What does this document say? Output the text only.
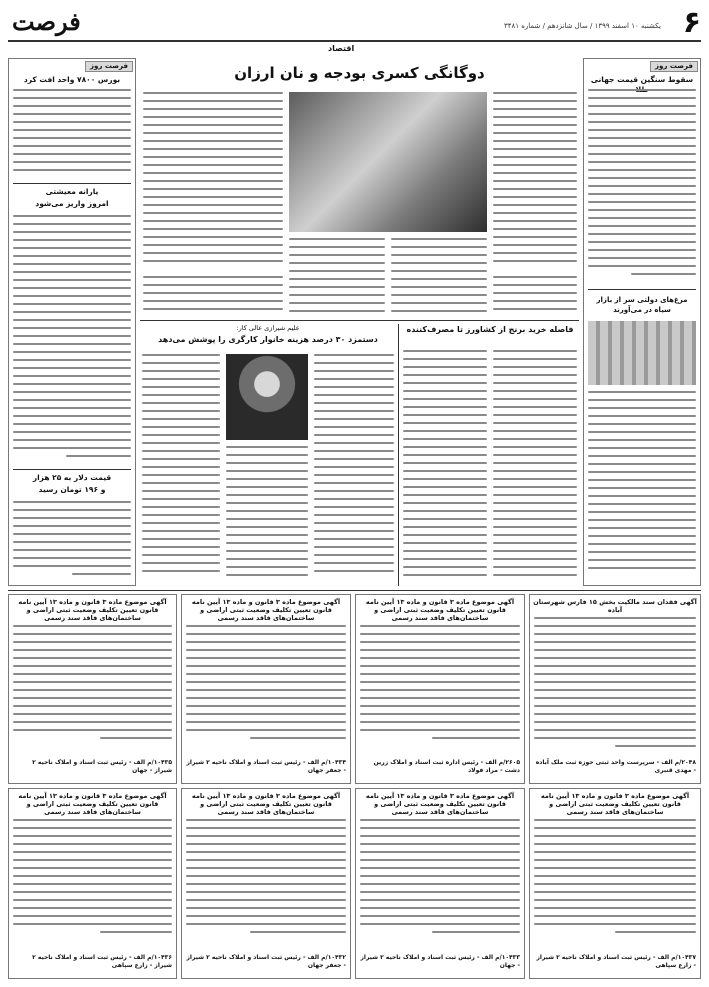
۶
یکشنبه ۱۰ اسفند ۱۳۹۹ / سال شانزدهم / شماره ۳۴۸۱
فرصت
اقتصاد
فرصت روز
سقوط سنگین قیمت جهانی
مرغ‌های دولتی سر از بازار سیاه در می‌آورند
فرصت روز
بورس ۷۸۰۰ واحد افت کرد
یارانه معیشتی
امروز واریز می‌شود
قیمت دلار به ۲۵ هزار
و ۱۹۶ تومان رسید
دوگانگی کسری بودجه و نان ارزان
فاصله خرید برنج از کشاورز تا مصرف‌کننده
علیم‌ شیرازی عالی کار:
دستمزد ۳۰ درصد هزینه خانوار کارگری را پوشش می‌دهد
آگهی فقدان سند مالکیت بخش ۱۵ فارس شهرستان آباده
۲۰۴۸/م الف - سرپرست واحد ثبتی حوزه ثبت ملک آباده - مهدی قنبری
آگهی موضوع ماده ۳ قانون و ماده ۱۳ آیین نامه قانون تعیین تکلیف وضعیت ثبتی اراضی و ساختمان‌های فاقد سند رسمی
۲۶۰۵/م الف - رئیس اداره ثبت اسناد و املاک زرین دشت - مراد فولاد
آگهی موضوع ماده ۳ قانون و ماده ۱۳ آیین نامه قانون تعیین تکلیف وضعیت ثبتی اراضی و ساختمان‌های فاقد سند رسمی
۱۰۴۳۴/م الف - رئیس ثبت اسناد و املاک ناحیه ۲ شیراز - جعفر جهان
آگهی موضوع ماده ۳ قانون و ماده ۱۳ آیین نامه قانون تعیین تکلیف وضعیت ثبتی اراضی و ساختمان‌های فاقد سند رسمی
۱۰۴۳۵/م الف - رئیس ثبت اسناد و املاک ناحیه ۲ شیراز - جهان
آگهی موضوع ماده ۳ قانون و ماده ۱۳ آیین نامه قانون تعیین تکلیف وضعیت ثبتی اراضی و ساختمان‌های فاقد سند رسمی
۱۰۴۳۷/م الف - رئیس ثبت اسناد و املاک ناحیه ۲ شیراز - زارع سپاهی
آگهی موضوع ماده ۳ قانون و ماده ۱۳ آیین نامه قانون تعیین تکلیف وضعیت ثبتی اراضی و ساختمان‌های فاقد سند رسمی
۱۰۴۳۳/م الف - رئیس ثبت اسناد و املاک ناحیه ۲ شیراز - جهان
آگهی موضوع ماده ۳ قانون و ماده ۱۳ آیین نامه قانون تعیین تکلیف وضعیت ثبتی اراضی و ساختمان‌های فاقد سند رسمی
۱۰۴۳۲/م الف - رئیس ثبت اسناد و املاک ناحیه ۲ شیراز - جعفر جهان
آگهی موضوع ماده ۳ قانون و ماده ۱۳ آیین نامه قانون تعیین تکلیف وضعیت ثبتی اراضی و ساختمان‌های فاقد سند رسمی
۱۰۴۳۶/م الف - رئیس ثبت اسناد و املاک ناحیه ۲ شیراز - زارع سپاهی
